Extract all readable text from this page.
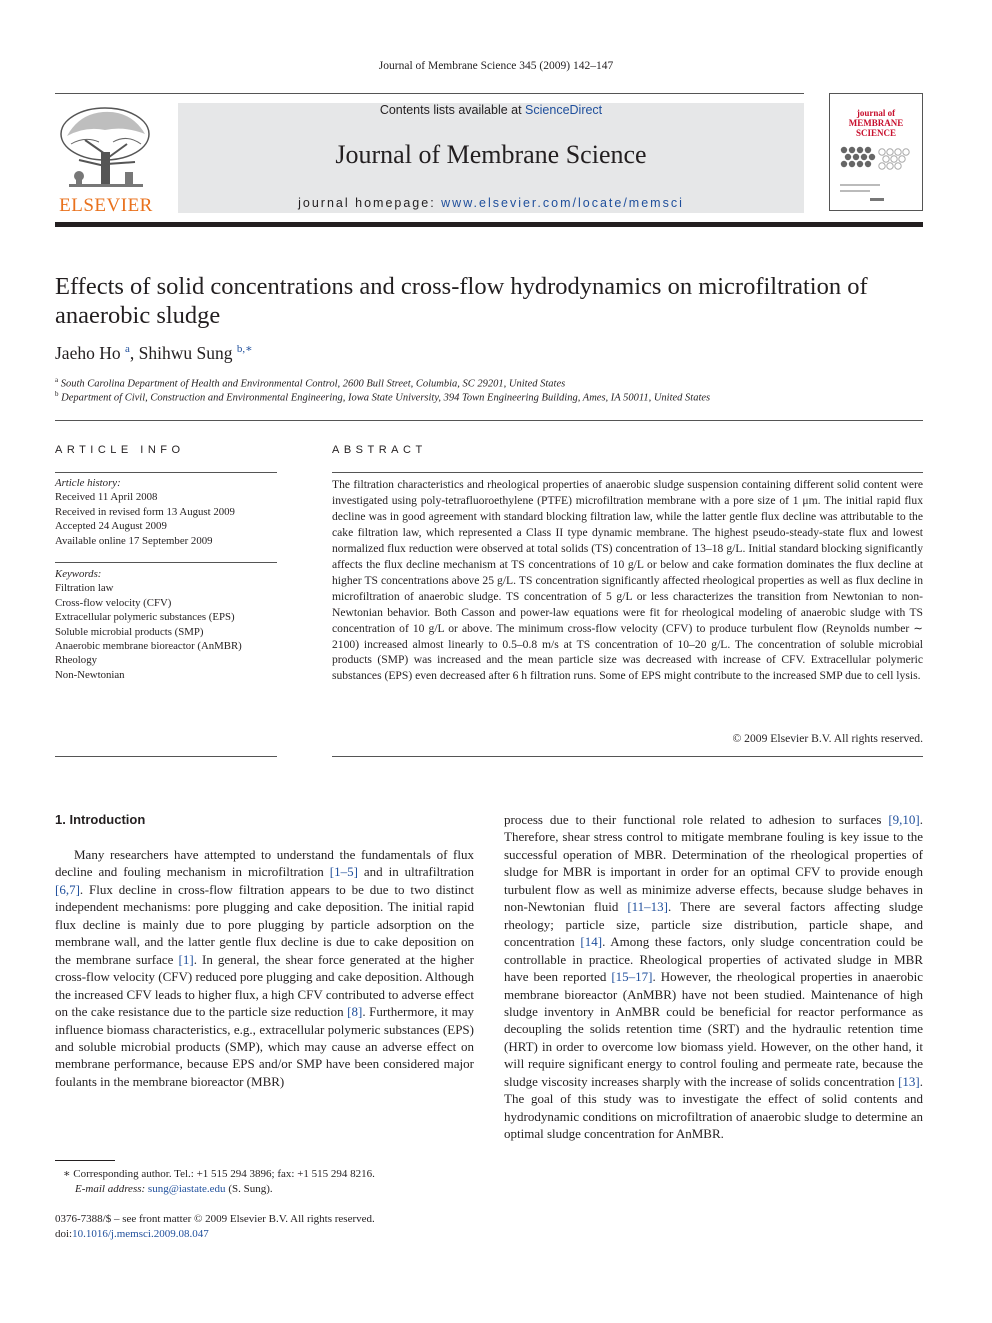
Journal of Membrane Science 345 (2009) 142–147
ELSEVIER
Contents lists available at ScienceDirect
Journal of Membrane Science
journal homepage: www.elsevier.com/locate/memsci
journal of
MEMBRANE
SCIENCE
Effects of solid concentrations and cross-flow hydrodynamics on microfiltration of anaerobic sludge
Jaeho Ho $^a$, Shihwu Sung $^{b,∗}$
$^a$ South Carolina Department of Health and Environmental Control, 2600 Bull Street, Columbia, SC 29201, United States
$^b$ Department of Civil, Construction and Environmental Engineering, Iowa State University, 394 Town Engineering Building, Ames, IA 50011, United States
ARTICLE INFO
Article history:
Received 11 April 2008
Received in revised form 13 August 2009
Accepted 24 August 2009
Available online 17 September 2009
Keywords:
Filtration law
Cross-flow velocity (CFV)
Extracellular polymeric substances (EPS)
Soluble microbial products (SMP)
Anaerobic membrane bioreactor (AnMBR)
Rheology
Non-Newtonian
ABSTRACT
The filtration characteristics and rheological properties of anaerobic sludge suspension containing different solid content were investigated using poly-tetrafluoroethylene (PTFE) microfiltration membrane with a pore size of 1 μm. The initial rapid flux decline was in good agreement with standard blocking filtration law, while the latter gentle flux decline was attributable to the cake filtration law, which represented a Class II type dynamic membrane. The highest pseudo-steady-state flux and lowest normalized flux reduction were observed at total solids (TS) concentration of 13–18 g/L. Initial standard blocking significantly affects the flux decline mechanism at TS concentrations of 10 g/L or below and cake formation dominates the flux decline at higher TS concentrations above 25 g/L. TS concentration significantly affected rheological properties as well as flux decline in microfiltration of anaerobic sludge. TS concentration of 5 g/L or less characterizes the transition from Newtonian to non-Newtonian behavior. Both Casson and power-law equations were fit for rheological modeling of anaerobic sludge with TS concentration of 10 g/L or above. The minimum cross-flow velocity (CFV) to produce turbulent flow (Reynolds number ∼ 2100) increased almost linearly to 0.5–0.8 m/s at TS concentration of 10–20 g/L. The concentration of soluble microbial products (SMP) was increased and the mean particle size was decreased with increase of CFV. Extracellular polymeric substances (EPS) even decreased after 6 h filtration runs. Some of EPS might contribute to the increased SMP due to cell lysis.
© 2009 Elsevier B.V. All rights reserved.
1. Introduction
Many researchers have attempted to understand the fundamentals of flux decline and fouling mechanism in microfiltration [1–5] and in ultrafiltration [6,7]. Flux decline in cross-flow filtration appears to be due to two distinct independent mechanisms: pore plugging and cake deposition. The initial rapid flux decline is mainly due to pore plugging by particle adsorption on the membrane wall, and the latter gentle flux decline is due to cake deposition on the membrane surface [1]. In general, the shear force generated at the higher cross-flow velocity (CFV) reduced pore plugging and cake deposition. Although the increased CFV leads to higher flux, a high CFV contributed to adverse effect on the cake resistance due to the particle size reduction [8]. Furthermore, it may influence biomass characteristics, e.g., extracellular polymeric substances (EPS) and soluble microbial products (SMP), which may cause an adverse effect on membrane performance, because EPS and/or SMP have been considered major foulants in the membrane bioreactor (MBR)
process due to their functional role related to adhesion to surfaces [9,10]. Therefore, shear stress control to mitigate membrane fouling is key issue to the successful operation of MBR. Determination of the rheological properties of sludge for MBR is important in order for an optimal CFV to provide enough turbulent flow as well as minimize adverse effects, because sludge behaves in non-Newtonian fluid [11–13]. There are several factors affecting sludge rheology; particle size, particle size distribution, particle shape, and concentration [14]. Among these factors, only sludge concentration could be controllable in practice. Rheological properties of activated sludge in MBR have been reported [15–17]. However, the rheological properties in anaerobic membrane bioreactor (AnMBR) have not been studied. Maintenance of high sludge inventory in AnMBR could be beneficial for reactor performance as decoupling the solids retention time (SRT) and the hydraulic retention time (HRT) in order to overcome low biomass yield. However, on the other hand, it will require significant energy to control fouling and permeate rate, because the sludge viscosity increases sharply with the increase of solids concentration [13]. The goal of this study was to investigate the effect of solid contents and hydrodynamic conditions on microfiltration of anaerobic sludge to determine an optimal sludge concentration for AnMBR.
∗ Corresponding author. Tel.: +1 515 294 3896; fax: +1 515 294 8216.
E-mail address: sung@iastate.edu (S. Sung).
0376-7388/$ – see front matter © 2009 Elsevier B.V. All rights reserved.
doi:10.1016/j.memsci.2009.08.047
